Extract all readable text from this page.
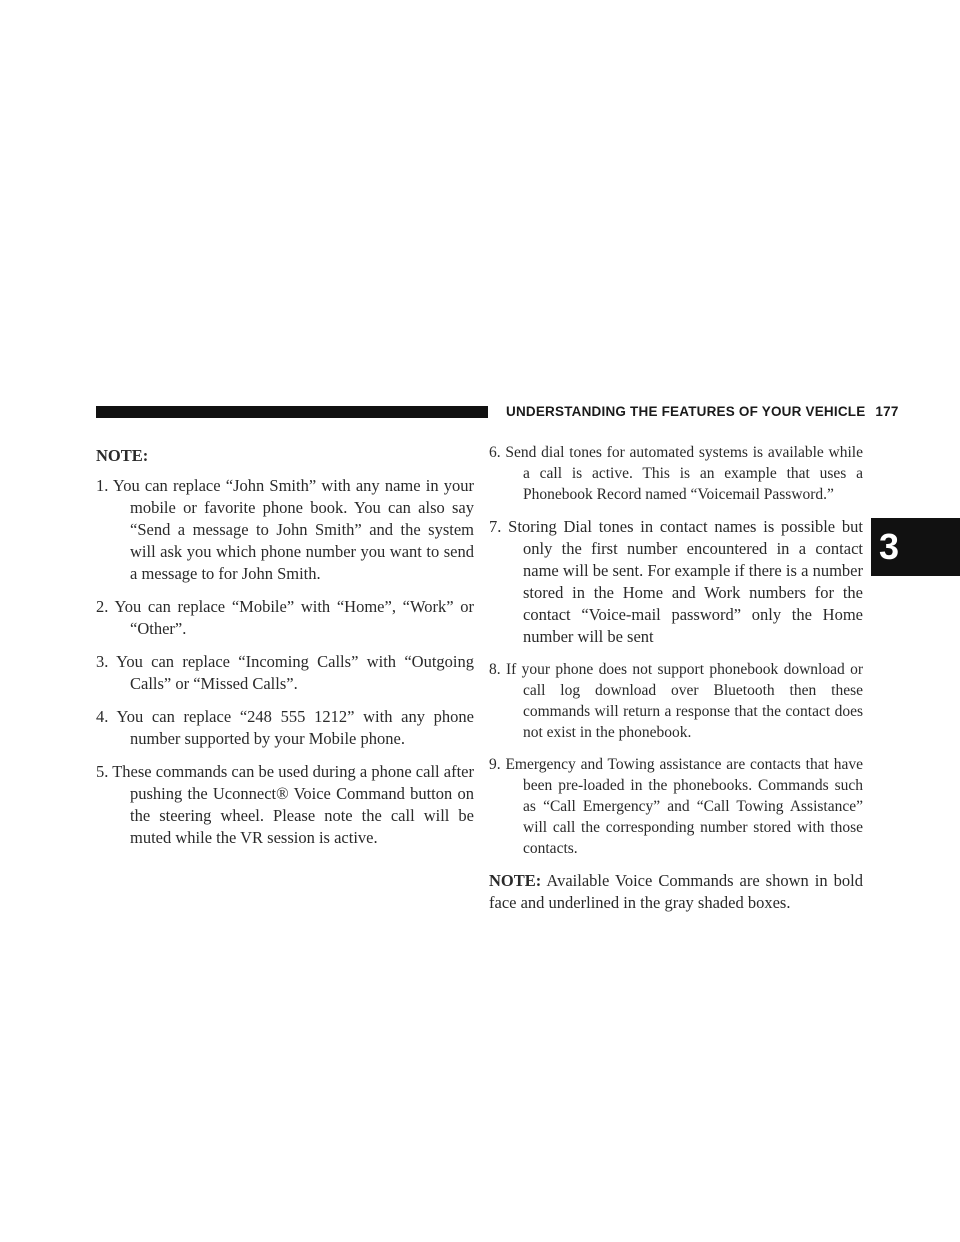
UNDERSTANDING THE FEATURES OF YOUR VEHICLE 177
3

NOTE:

1. You can replace “John Smith” with any name in your mobile or favorite phone book. You can also say “Send a message to John Smith” and the system will ask you which phone number you want to send a message to for John Smith.

2. You can replace “Mobile” with “Home”, “Work” or “Other”.

3. You can replace “Incoming Calls” with “Outgoing Calls” or “Missed Calls”.

4. You can replace “248 555 1212” with any phone number supported by your Mobile phone.

5. These commands can be used during a phone call after pushing the Uconnect® Voice Command button on the steering wheel. Please note the call will be muted while the VR session is active.

6. Send dial tones for automated systems is available while a call is active. This is an example that uses a Phonebook Record named “Voicemail Password.”

7. Storing Dial tones in contact names is possible but only the first number encountered in a contact name will be sent. For example if there is a number stored in the Home and Work numbers for the contact “Voice-mail password” only the Home number will be sent

8. If your phone does not support phonebook download or call log download over Bluetooth then these commands will return a response that the contact does not exist in the phonebook.

9. Emergency and Towing assistance are contacts that have been pre-loaded in the phonebooks. Commands such as “Call Emergency” and “Call Towing Assistance” will call the corresponding number stored with those contacts.

NOTE: Available Voice Commands are shown in bold face and underlined in the gray shaded boxes.
